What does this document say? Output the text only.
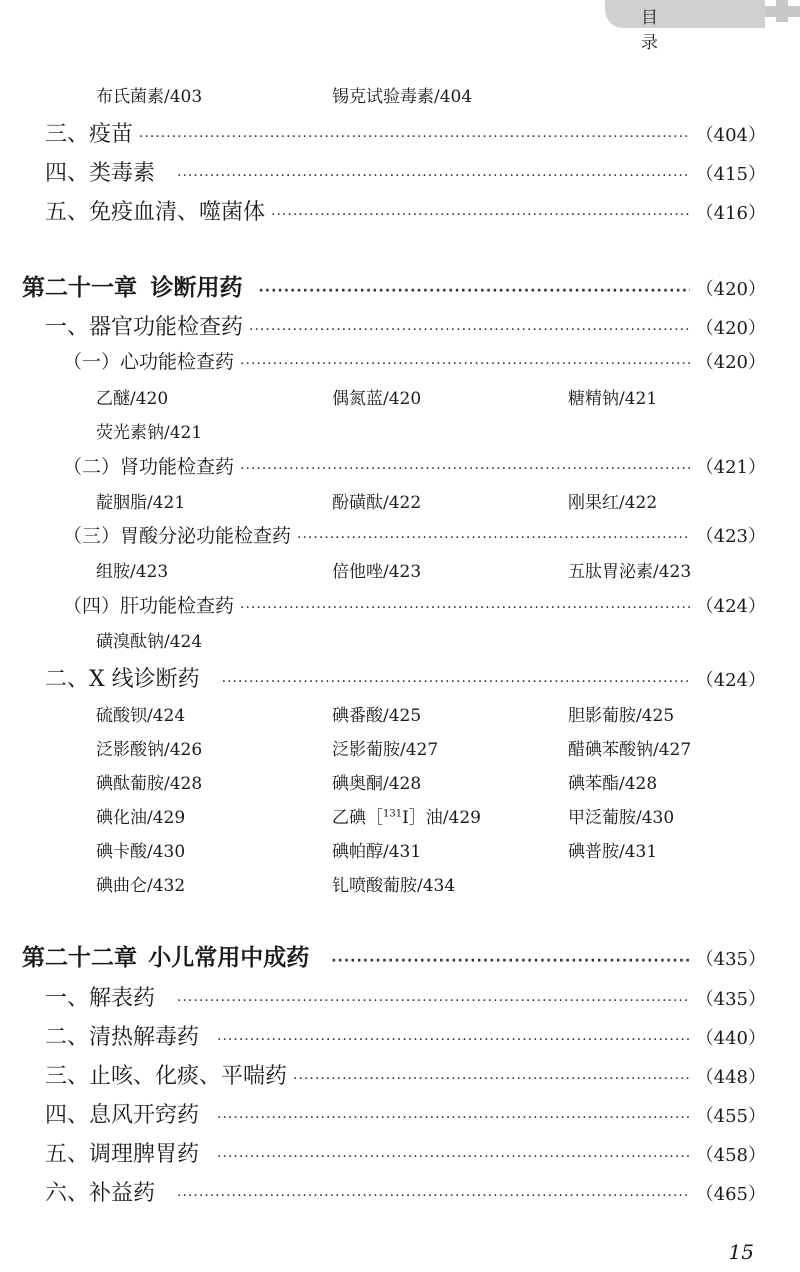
目 录
布氏菌素/403	锡克试验毒素/404
三、疫苗 ·····	（404）
四、类毒素 ·····	（415）
五、免疫血清、噬菌体 ·····	（416）
第二十一章 诊断用药 ·····	（420）
一、器官功能检查药 ·····	（420）
（一）心功能检查药 ·····	（420）
乙醚/420	偶氮蓝/420	糖精钠/421
荧光素钠/421
（二）肾功能检查药 ·····	（421）
靛胭脂/421	酚磺酞/422	刚果红/422
（三）胃酸分泌功能检查药 ·····	（423）
组胺/423	倍他唑/423	五肽胃泌素/423
（四）肝功能检查药 ·····	（424）
磺溴酞钠/424
二、X 线诊断药 ·····	（424）
硫酸钡/424	碘番酸/425	胆影葡胺/425
泛影酸钠/426	泛影葡胺/427	醋碘苯酸钠/427
碘酞葡胺/428	碘奥酮/428	碘苯酯/428
碘化油/429	乙碘［$^{131}$I］油/429	甲泛葡胺/430
碘卡酸/430	碘帕醇/431	碘普胺/431
碘曲仑/432	钆喷酸葡胺/434
第二十二章 小儿常用中成药 ·····	（435）
一、解表药 ·····	（435）
二、清热解毒药 ·····	（440）
三、止咳、化痰、平喘药 ·····	（448）
四、息风开窍药 ·····	（455）
五、调理脾胃药 ·····	（458）
六、补益药 ·····	（465）
15
